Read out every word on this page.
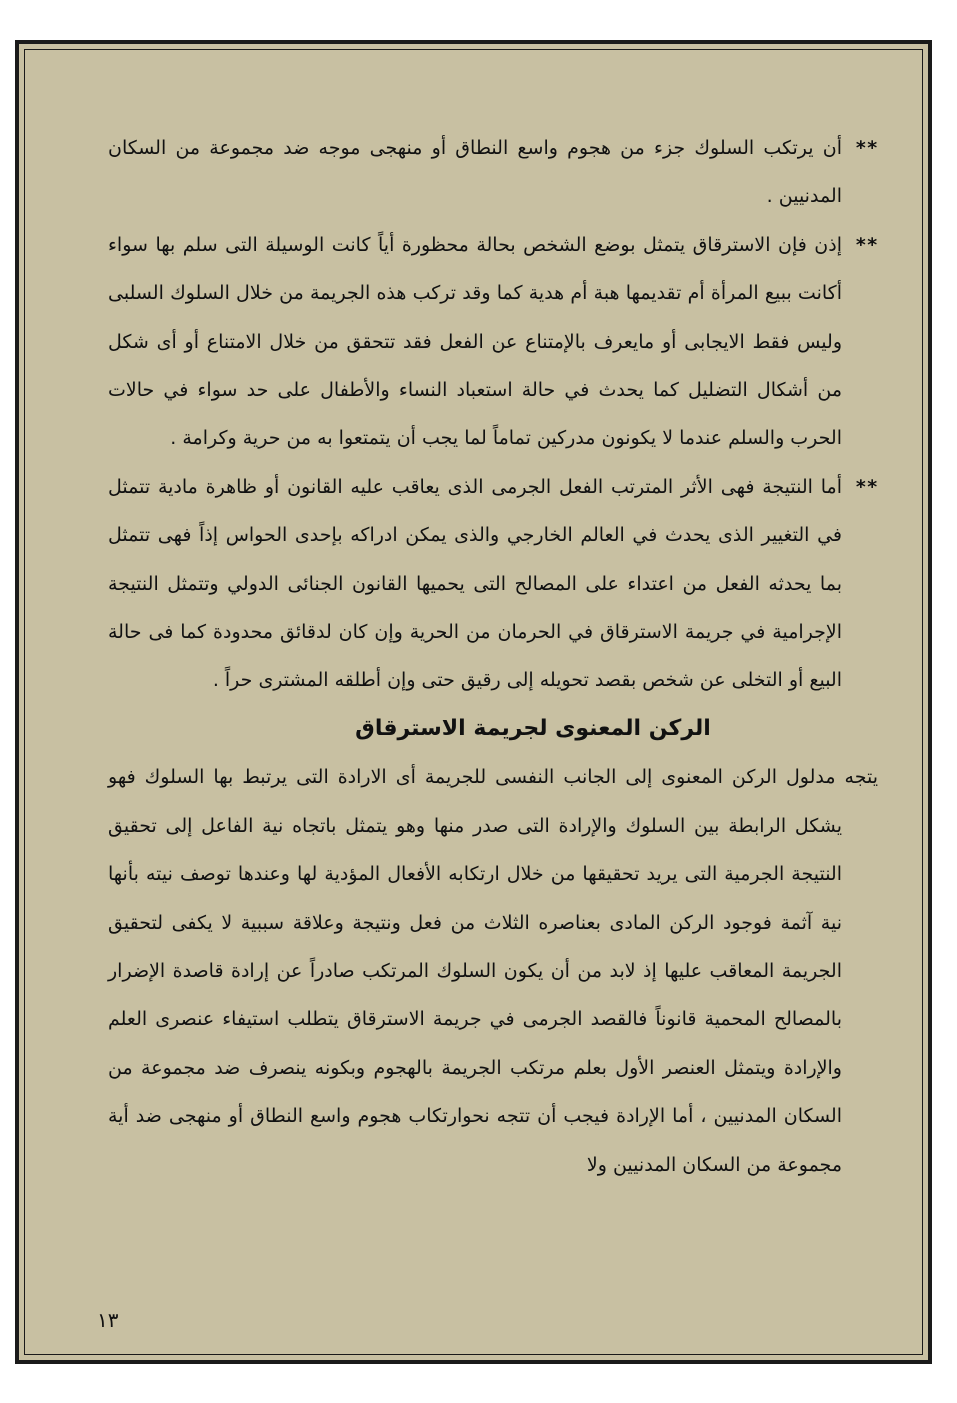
**أن يرتكب السلوك جزء من هجوم واسع النطاق أو منهجى موجه ضد مجموعة من السكان المدنيين .

**إذن فإن الاسترقاق يتمثل بوضع الشخص بحالة محظورة أياً كانت الوسيلة التى سلم بها سواء أكانت ببيع المرأة أم تقديمها هبة أم هدية كما وقد تركب هذه الجريمة من خلال السلوك السلبى وليس فقط الايجابى أو مايعرف بالإمتناع عن الفعل فقد تتحقق من خلال الامتناع أو أى شكل من أشكال التضليل كما يحدث في حالة استعباد النساء والأطفال على حد سواء في حالات الحرب والسلم عندما لا يكونون مدركين تماماً لما يجب أن يتمتعوا به من حرية وكرامة .

**أما النتيجة فهى الأثر المترتب الفعل الجرمى الذى يعاقب عليه القانون أو ظاهرة مادية تتمثل في التغيير الذى يحدث في العالم الخارجي والذى يمكن ادراكه بإحدى الحواس إذاً فهى تتمثل بما يحدثه الفعل من اعتداء على المصالح التى يحميها القانون الجنائى الدولي وتتمثل النتيجة الإجرامية في جريمة الاسترقاق في الحرمان من الحرية وإن كان لدقائق محدودة كما فى حالة البيع أو التخلى عن شخص بقصد تحويله إلى رقيق حتى وإن أطلقه المشترى حراً .

الركن المعنوى لجريمة الاسترقاق

يتجه مدلول الركن المعنوى إلى الجانب النفسى للجريمة أى الارادة التى يرتبط بها السلوك فهو يشكل الرابطة بين السلوك والإرادة التى صدر منها وهو يتمثل باتجاه نية الفاعل إلى تحقيق النتيجة الجرمية التى يريد تحقيقها من خلال ارتكابه الأفعال المؤدية لها وعندها توصف نيته بأنها نية آثمة فوجود الركن المادى بعناصره الثلاث من فعل ونتيجة وعلاقة سببية لا يكفى لتحقيق الجريمة المعاقب عليها إذ لابد من أن يكون السلوك المرتكب صادراً عن إرادة قاصدة الإضرار بالمصالح المحمية قانوناً فالقصد الجرمى في جريمة الاسترقاق يتطلب استيفاء عنصرى العلم والإرادة ويتمثل العنصر الأول بعلم مرتكب الجريمة بالهجوم وبكونه ينصرف ضد مجموعة من السكان المدنيين ، أما الإرادة فيجب أن تتجه نحوارتكاب هجوم واسع النطاق أو منهجى ضد أية مجموعة من السكان المدنيين ولا

١٣
